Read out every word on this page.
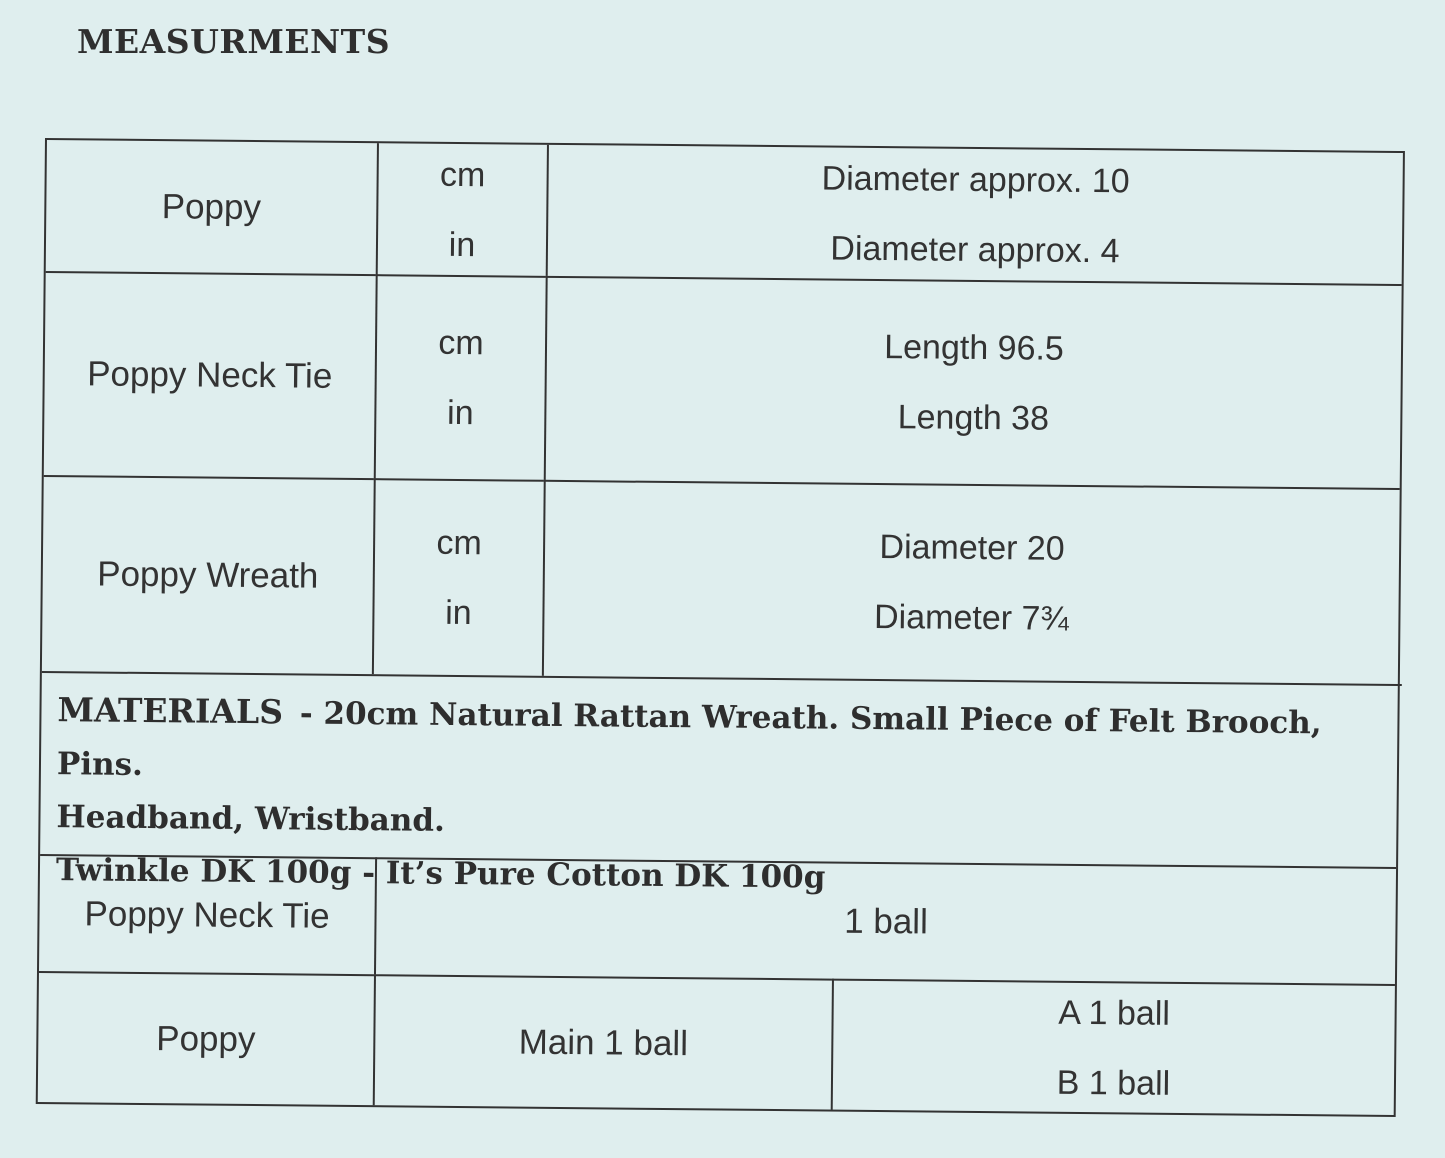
MEASURMENTS
Poppy
cm
in
Diameter approx. 10
Diameter approx. 4
Poppy Neck Tie
cm
in
Length 96.5
Length 38
Poppy Wreath
cm
in
Diameter 20
Diameter 7¾
MATERIALS - 20cm Natural Rattan Wreath. Small Piece of Felt Brooch, Pins.
Headband, Wristband.
Twinkle DK 100g - It’s Pure Cotton DK 100g
Poppy Neck Tie	1 ball
Poppy	Main 1 ball
A 1 ball
B 1 ball
